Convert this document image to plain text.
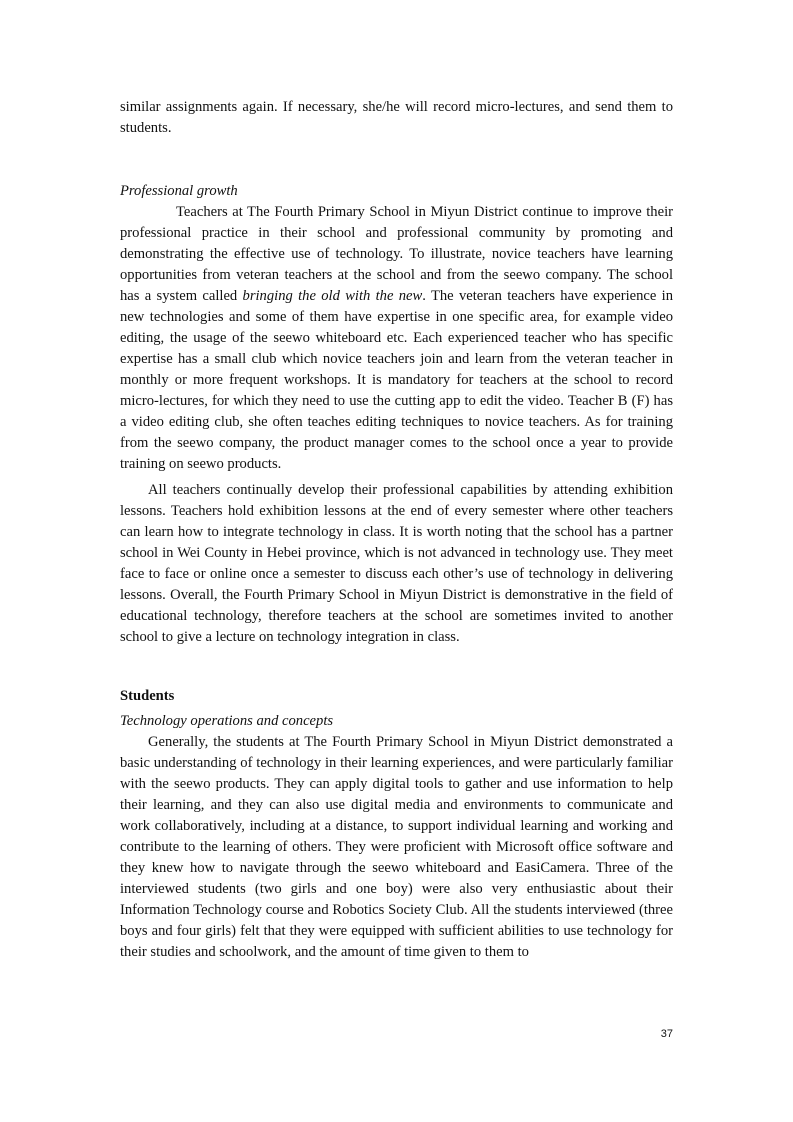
similar assignments again. If necessary, she/he will record micro-lectures, and send them to students.

Professional growth

Teachers at The Fourth Primary School in Miyun District continue to improve their professional practice in their school and professional community by promoting and demonstrating the effective use of technology. To illustrate, novice teachers have learning opportunities from veteran teachers at the school and from the seewo company. The school has a system called bringing the old with the new. The veteran teachers have experience in new technologies and some of them have expertise in one specific area, for example video editing, the usage of the seewo whiteboard etc. Each experienced teacher who has specific expertise has a small club which novice teachers join and learn from the veteran teacher in monthly or more frequent workshops. It is mandatory for teachers at the school to record micro-lectures, for which they need to use the cutting app to edit the video. Teacher B (F) has a video editing club, she often teaches editing techniques to novice teachers. As for training from the seewo company, the product manager comes to the school once a year to provide training on seewo products.

All teachers continually develop their professional capabilities by attending exhibition lessons. Teachers hold exhibition lessons at the end of every semester where other teachers can learn how to integrate technology in class. It is worth noting that the school has a partner school in Wei County in Hebei province, which is not advanced in technology use. They meet face to face or online once a semester to discuss each other’s use of technology in delivering lessons. Overall, the Fourth Primary School in Miyun District is demonstrative in the field of educational technology, therefore teachers at the school are sometimes invited to another school to give a lecture on technology integration in class.

Students

Technology operations and concepts

Generally, the students at The Fourth Primary School in Miyun District demonstrated a basic understanding of technology in their learning experiences, and were particularly familiar with the seewo products. They can apply digital tools to gather and use information to help their learning, and they can also use digital media and environments to communicate and work collaboratively, including at a distance, to support individual learning and working and contribute to the learning of others. They were proficient with Microsoft office software and they knew how to navigate through the seewo whiteboard and EasiCamera. Three of the interviewed students (two girls and one boy) were also very enthusiastic about their Information Technology course and Robotics Society Club. All the students interviewed (three boys and four girls) felt that they were equipped with sufficient abilities to use technology for their studies and schoolwork, and the amount of time given to them to

37
